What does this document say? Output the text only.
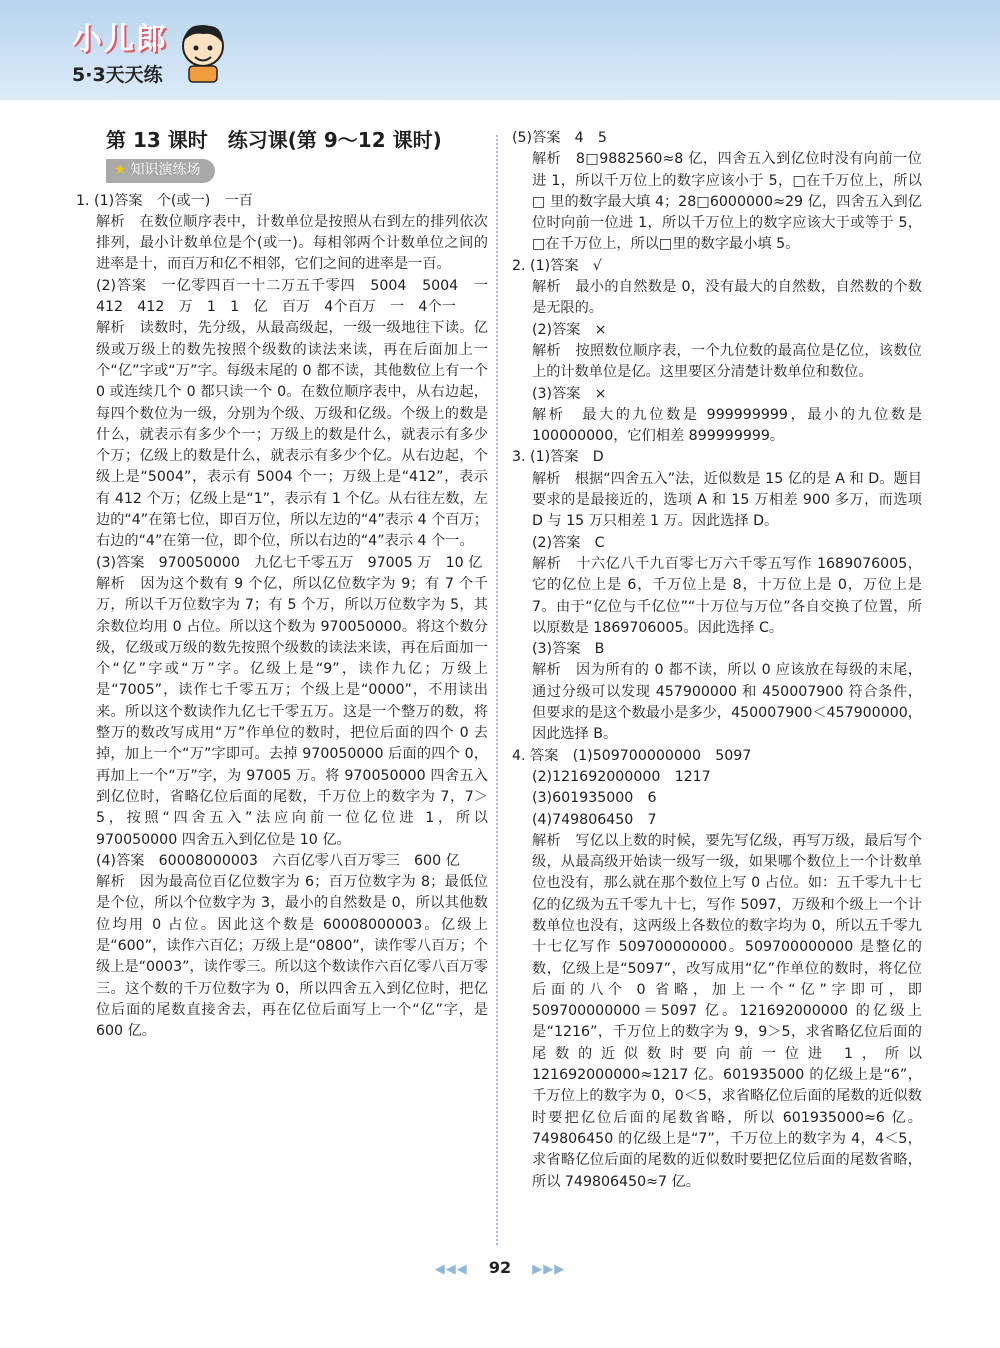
小儿郎
5·3天天练
第 13 课时　练习课(第 9～12 课时)
★ 知识演练场

1. (1)答案　个(或一)　一百

解析　在数位顺序表中，计数单位是按照从右到左的排列依次排列，最小计数单位是个(或一)。每相邻两个计数单位之间的进率是十，而百万和亿不相邻，它们之间的进率是一百。

(2)答案　一亿零四百一十二万五千零四　5004　5004　一　412　412　万　1　1　亿　百万　4个百万　一　4个一

解析　读数时，先分级，从最高级起，一级一级地往下读。亿级或万级上的数先按照个级数的读法来读，再在后面加上一个“亿”字或“万”字。每级末尾的 0 都不读，其他数位上有一个 0 或连续几个 0 都只读一个 0。在数位顺序表中，从右边起，每四个数位为一级，分别为个级、万级和亿级。个级上的数是什么，就表示有多少个一；万级上的数是什么，就表示有多少个万；亿级上的数是什么，就表示有多少个亿。从右边起，个级上是“5004”，表示有 5004 个一；万级上是“412”，表示有 412 个万；亿级上是“1”，表示有 1 个亿。从右往左数，左边的“4”在第七位，即百万位，所以左边的“4”表示 4 个百万；右边的“4”在第一位，即个位，所以右边的“4”表示 4 个一。

(3)答案　970050000　九亿七千零五万　97005 万　10 亿

解析　因为这个数有 9 个亿，所以亿位数字为 9；有 7 个千万，所以千万位数字为 7；有 5 个万，所以万位数字为 5，其余数位均用 0 占位。所以这个数为 970050000。将这个数分级，亿级或万级的数先按照个级数的读法来读，再在后面加一个“亿”字或“万”字。亿级上是“9”，读作九亿；万级上是“7005”，读作七千零五万；个级上是“0000”，不用读出来。所以这个数读作九亿七千零五万。这是一个整万的数，将整万的数改写成用“万”作单位的数时，把位后面的四个 0 去掉，加上一个“万”字即可。去掉 970050000 后面的四个 0，再加上一个“万”字，为 97005 万。将 970050000 四舍五入到亿位时，省略亿位后面的尾数，千万位上的数字为 7，7＞5，按照“四舍五入”法应向前一位亿位进 1，所以 970050000 四舍五入到亿位是 10 亿。

(4)答案　60008000003　六百亿零八百万零三　600 亿

解析　因为最高位百亿位数字为 6；百万位数字为 8；最低位是个位，所以个位数字为 3，最小的自然数是 0，所以其他数位均用 0 占位。因此这个数是 60008000003。亿级上是“600”，读作六百亿；万级上是“0800”，读作零八百万；个级上是“0003”，读作零三。所以这个数读作六百亿零八百万零三。这个数的千万位数字为 0，所以四舍五入到亿位时，把亿位后面的尾数直接舍去，再在亿位后面写上一个“亿”字，是 600 亿。

(5)答案　4　5

解析　8□9882560≈8 亿，四舍五入到亿位时没有向前一位进 1，所以千万位上的数字应该小于 5，□在千万位上，所以 □ 里的数字最大填 4；28□6000000≈29 亿，四舍五入到亿位时向前一位进 1，所以千万位上的数字应该大于或等于 5，□在千万位上，所以□里的数字最小填 5。

2. (1)答案　√

解析　最小的自然数是 0，没有最大的自然数，自然数的个数是无限的。

(2)答案　×

解析　按照数位顺序表，一个九位数的最高位是亿位，该数位上的计数单位是亿。这里要区分清楚计数单位和数位。

(3)答案　×

解析　最大的九位数是 999999999，最小的九位数是 100000000，它们相差 899999999。

3. (1)答案　D

解析　根据“四舍五入”法，近似数是 15 亿的是 A 和 D。题目要求的是最接近的，选项 A 和 15 万相差 900 多万，而选项 D 与 15 万只相差 1 万。因此选择 D。

(2)答案　C

解析　十六亿八千九百零七万六千零五写作 1689076005，它的亿位上是 6，千万位上是 8，十万位上是 0，万位上是 7。由于“亿位与千亿位”“十万位与万位”各自交换了位置，所以原数是 1869706005。因此选择 C。

(3)答案　B

解析　因为所有的 0 都不读，所以 0 应该放在每级的末尾，通过分级可以发现 457900000 和 450007900 符合条件，但要求的是这个数最小是多少，450007900＜457900000，因此选择 B。

4. 答案　(1)509700000000　5097

(2)121692000000　1217

(3)601935000　6

(4)749806450　7

解析　写亿以上数的时候，要先写亿级，再写万级，最后写个级，从最高级开始读一级写一级，如果哪个数位上一个计数单位也没有，那么就在那个数位上写 0 占位。如：五千零九十七亿的亿级为五千零九十七，写作 5097，万级和个级上一个计数单位也没有，这两级上各数位的数字均为 0，所以五千零九十七亿写作 509700000000。509700000000 是整亿的数，亿级上是“5097”，改写成用“亿”作单位的数时，将亿位后面的八个 0 省略，加上一个“亿”字即可，即 509700000000＝5097 亿。121692000000 的亿级上是“1216”，千万位上的数字为 9，9＞5，求省略亿位后面的尾数的近似数时要向前一位进 1，所以 121692000000≈1217 亿。601935000 的亿级上是“6”，千万位上的数字为 0，0＜5，求省略亿位后面的尾数的近似数时要把亿位后面的尾数省略，所以 601935000≈6 亿。749806450 的亿级上是“7”，千万位上的数字为 4，4＜5，求省略亿位后面的尾数的近似数时要把亿位后面的尾数省略，所以 749806450≈7 亿。

◀◀◀ 92 ▶▶▶
